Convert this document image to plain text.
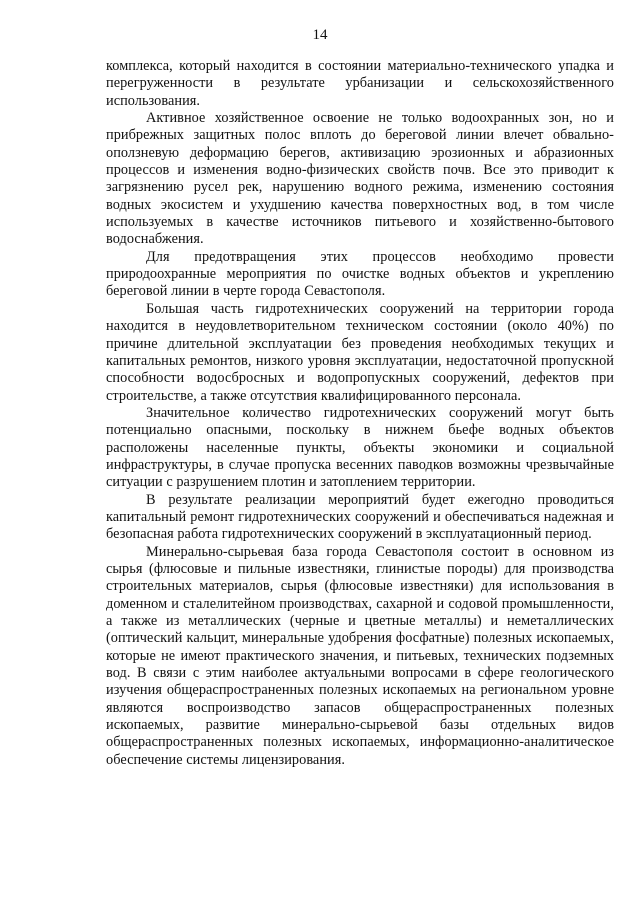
14

комплекса, который находится в состоянии материально-технического упадка и перегруженности в результате урбанизации и сельскохозяйственного использования.

Активное хозяйственное освоение не только водоохранных зон, но и прибрежных защитных полос вплоть до береговой линии влечет обвально-оползневую деформацию берегов, активизацию эрозионных и абразионных процессов и изменения водно-физических свойств почв. Все это приводит к загрязнению русел рек, нарушению водного режима, изменению состояния водных экосистем и ухудшению качества поверхностных вод, в том числе используемых в качестве источников питьевого и хозяйственно-бытового водоснабжения.

Для предотвращения этих процессов необходимо провести природоохранные мероприятия по очистке водных объектов и укреплению береговой линии в черте города Севастополя.

Большая часть гидротехнических сооружений на территории города находится в неудовлетворительном техническом состоянии (около 40%) по причине длительной эксплуатации без проведения необходимых текущих и капитальных ремонтов, низкого уровня эксплуатации, недостаточной пропускной способности водосбросных и водопропускных сооружений, дефектов при строительстве, а также отсутствия квалифицированного персонала.

Значительное количество гидротехнических сооружений могут быть потенциально опасными, поскольку в нижнем бьефе водных объектов расположены населенные пункты, объекты экономики и социальной инфраструктуры, в случае пропуска весенних паводков возможны чрезвычайные ситуации с разрушением плотин и затоплением территории.

В результате реализации мероприятий будет ежегодно проводиться капитальный ремонт гидротехнических сооружений и обеспечиваться надежная и безопасная работа гидротехнических сооружений в эксплуатационный период.

Минерально-сырьевая база города Севастополя состоит в основном из сырья (флюсовые и пильные известняки, глинистые породы) для производства строительных материалов, сырья (флюсовые известняки) для использования в доменном и сталелитейном производствах, сахарной и содовой промышленности, а также из металлических (черные и цветные металлы) и неметаллических (оптический кальцит, минеральные удобрения фосфатные) полезных ископаемых, которые не имеют практического значения, и питьевых, технических подземных вод. В связи с этим наиболее актуальными вопросами в сфере геологического изучения общераспространенных полезных ископаемых на региональном уровне являются воспроизводство запасов общераспространенных полезных ископаемых, развитие минерально-сырьевой базы отдельных видов общераспространенных полезных ископаемых, информационно-аналитическое обеспечение системы лицензирования.
